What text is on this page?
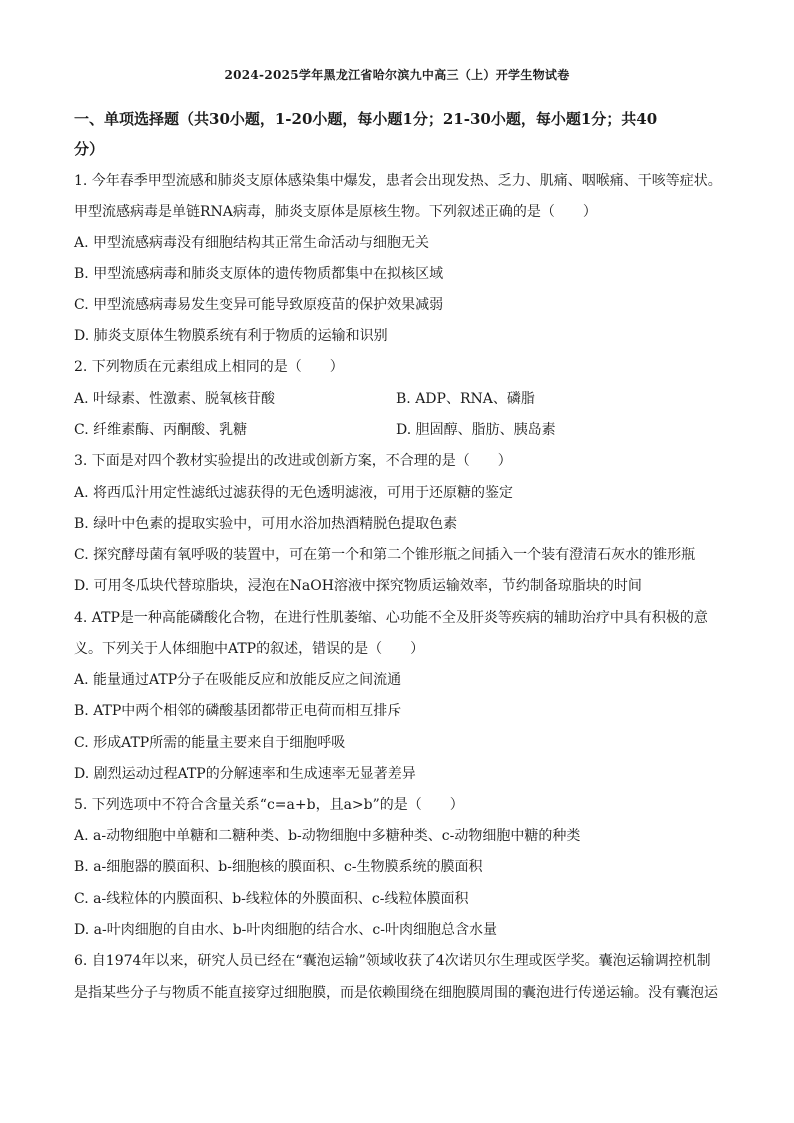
2024-2025学年黑龙江省哈尔滨九中高三（上）开学生物试卷
一、单项选择题（共30小题，1-20小题，每小题1分；21-30小题，每小题1分；共40
分）
1. 今年春季甲型流感和肺炎支原体感染集中爆发，患者会出现发热、乏力、肌痛、咽喉痛、干咳等症状。
甲型流感病毒是单链RNA病毒，肺炎支原体是原核生物。下列叙述正确的是（　　）
A. 甲型流感病毒没有细胞结构其正常生命活动与细胞无关
B. 甲型流感病毒和肺炎支原体的遗传物质都集中在拟核区域
C. 甲型流感病毒易发生变异可能导致原疫苗的保护效果减弱
D. 肺炎支原体生物膜系统有利于物质的运输和识别
2. 下列物质在元素组成上相同的是（　　）
A. 叶绿素、性激素、脱氧核苷酸	B. ADP、RNA、磷脂
C. 纤维素酶、丙酮酸、乳糖	D. 胆固醇、脂肪、胰岛素
3. 下面是对四个教材实验提出的改进或创新方案，不合理的是（　　）
A. 将西瓜汁用定性滤纸过滤获得的无色透明滤液，可用于还原糖的鉴定
B. 绿叶中色素的提取实验中，可用水浴加热酒精脱色提取色素
C. 探究酵母菌有氧呼吸的装置中，可在第一个和第二个锥形瓶之间插入一个装有澄清石灰水的锥形瓶
D. 可用冬瓜块代替琼脂块，浸泡在NaOH溶液中探究物质运输效率，节约制备琼脂块的时间
4. ATP是一种高能磷酸化合物，在进行性肌萎缩、心功能不全及肝炎等疾病的辅助治疗中具有积极的意
义。下列关于人体细胞中ATP的叙述，错误的是（　　）
A. 能量通过ATP分子在吸能反应和放能反应之间流通
B. ATP中两个相邻的磷酸基团都带正电荷而相互排斥
C. 形成ATP所需的能量主要来自于细胞呼吸
D. 剧烈运动过程ATP的分解速率和生成速率无显著差异
5. 下列选项中不符合含量关系“c=a+b，且a>b”的是（　　）
A. a-动物细胞中单糖和二糖种类、b-动物细胞中多糖种类、c-动物细胞中糖的种类
B. a-细胞器的膜面积、b-细胞核的膜面积、c-生物膜系统的膜面积
C. a-线粒体的内膜面积、b-线粒体的外膜面积、c-线粒体膜面积
D. a-叶肉细胞的自由水、b-叶肉细胞的结合水、c-叶肉细胞总含水量
6. 自1974年以来，研究人员已经在“囊泡运输”领域收获了4次诺贝尔生理或医学奖。囊泡运输调控机制
是指某些分子与物质不能直接穿过细胞膜，而是依赖围绕在细胞膜周围的囊泡进行传递运输。没有囊泡运
